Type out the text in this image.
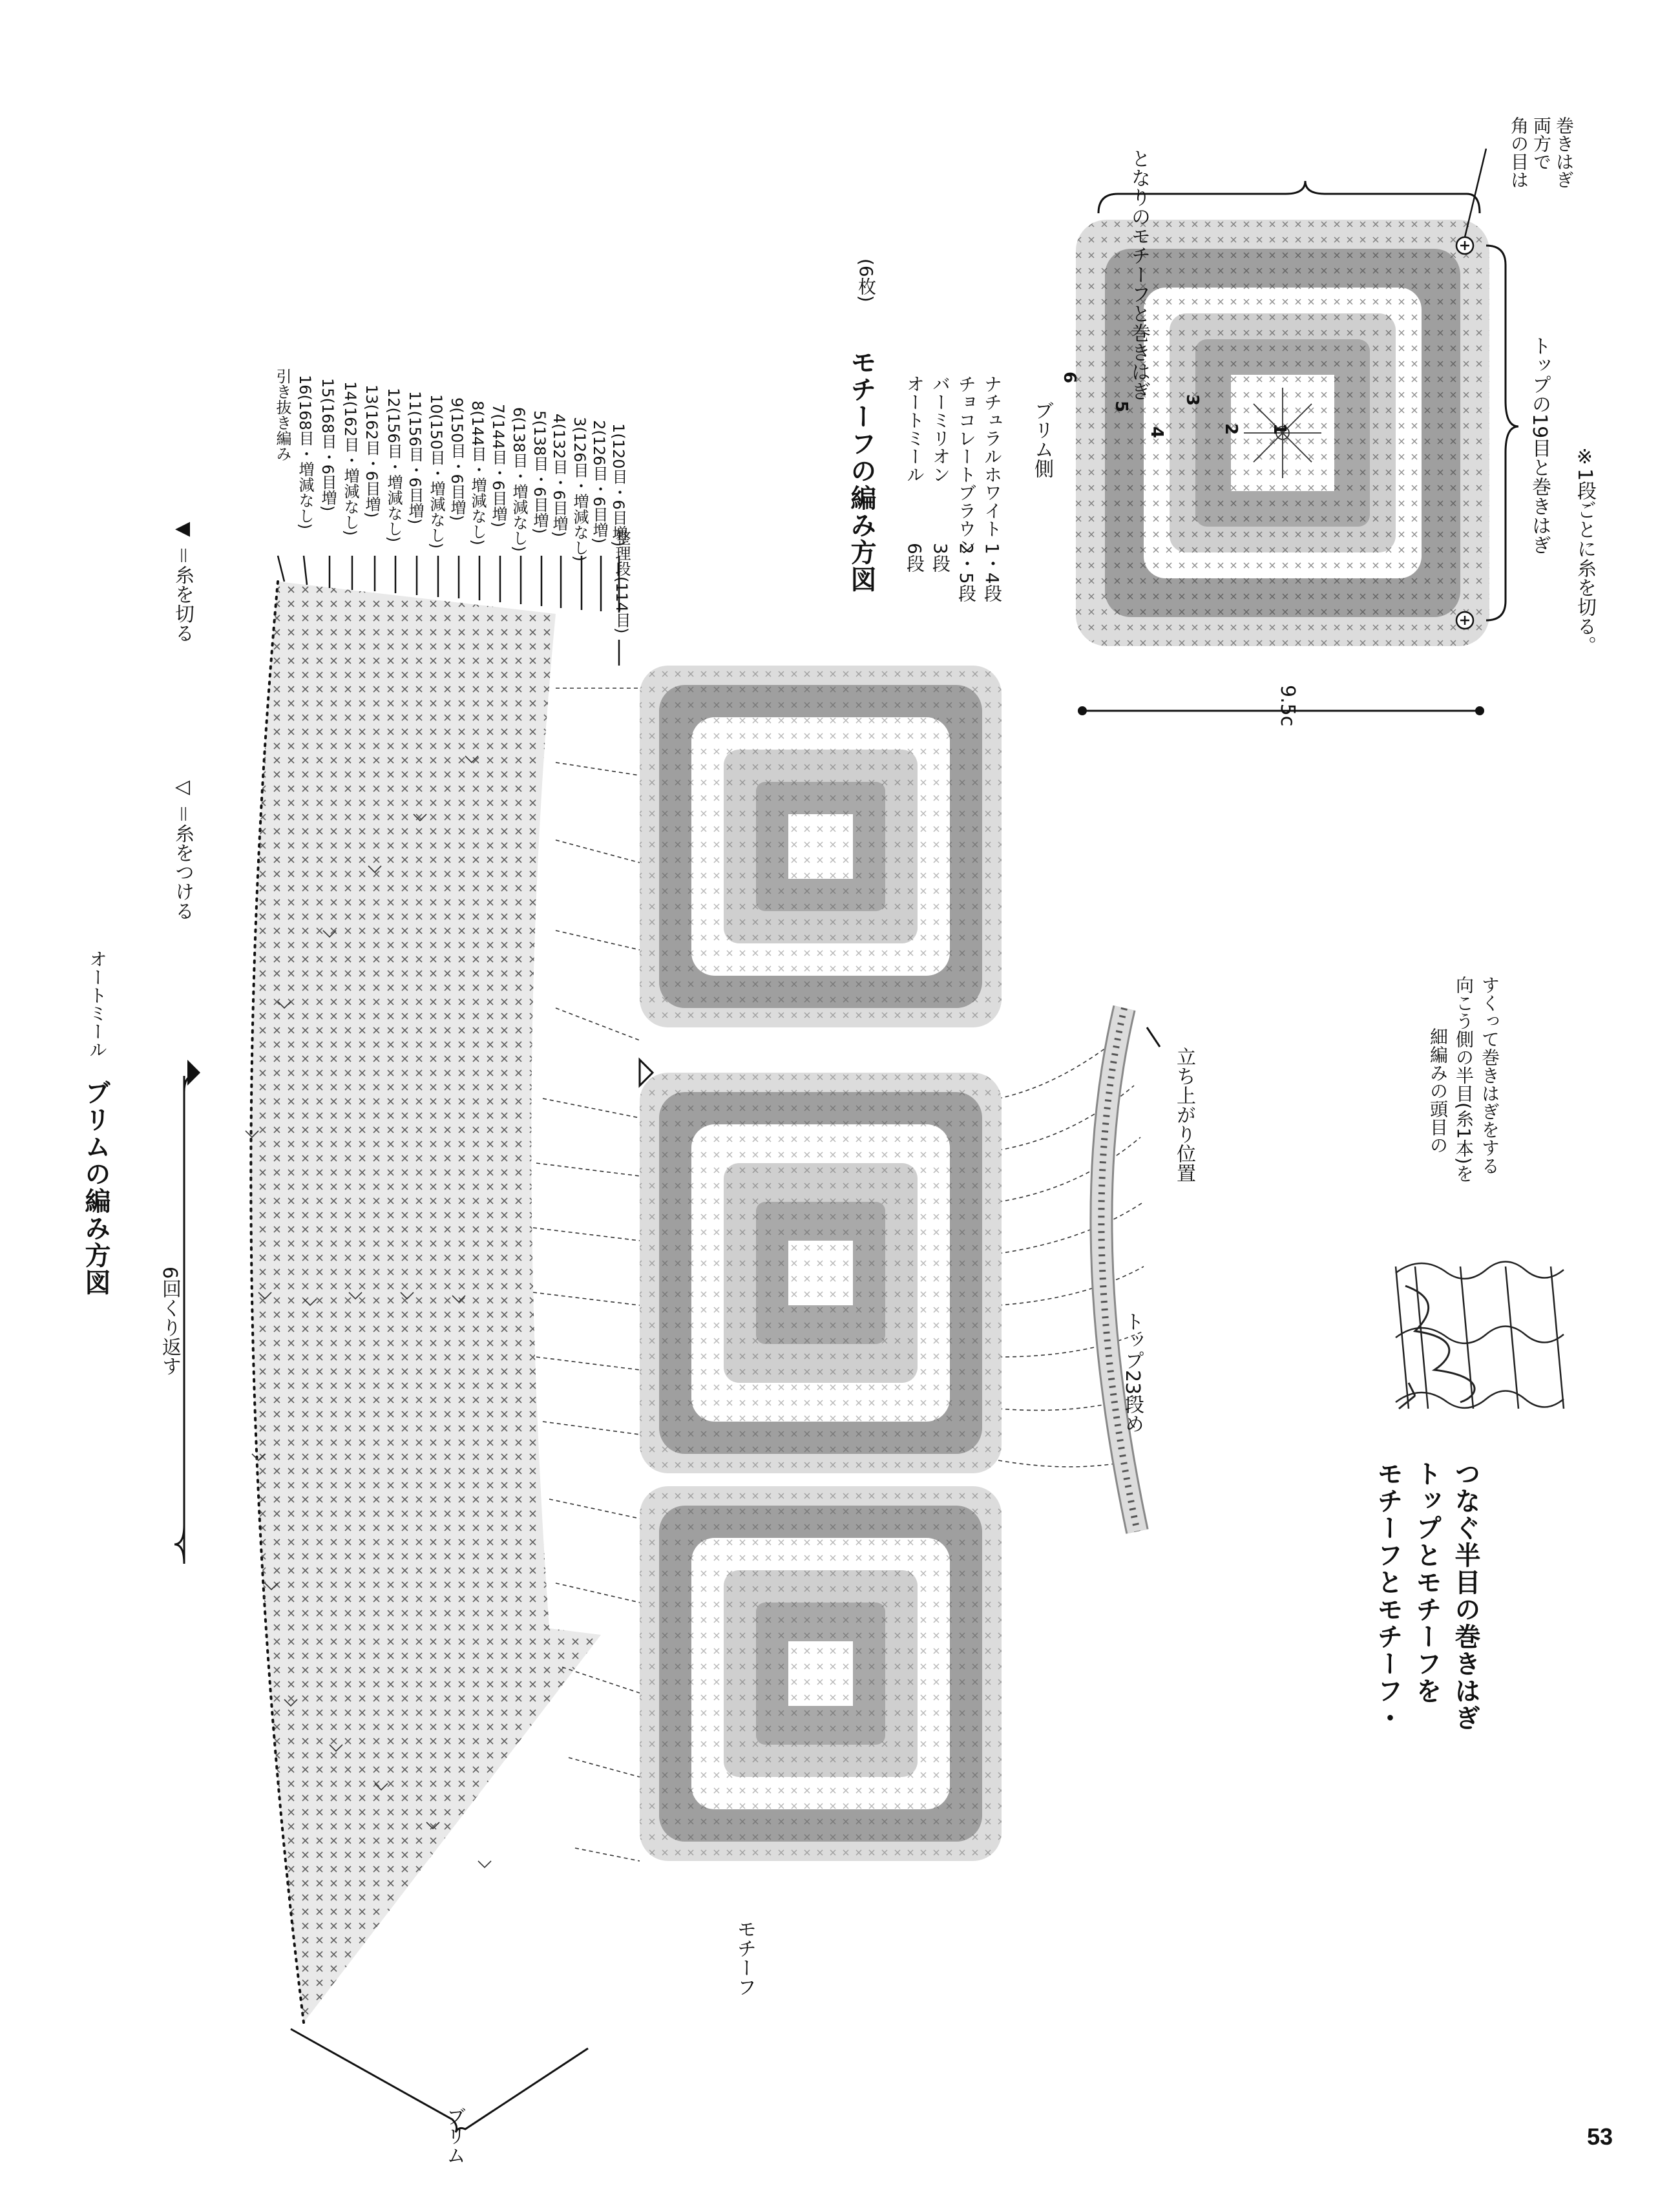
ブリムの編み方図
オートミール
6回くり返す
◁ ＝糸をつける
◀ ＝糸を切る
ブリム
モチーフ
トップ23段め
立ち上がり位置
引き抜き編み 16(168目・増減なし) 15(168目・6目増) 14(162目・増減なし) 13(162目・6目増) 12(156目・増減なし) 11(156目・6目増) 10(150目・増減なし) 9(150目・6目増) 8(144目・増減なし) 7(144目・6目増) 6(138目・増減なし) 5(138目・6目増) 4(132目・6目増) 3(126目・増減なし) 2(126目・6目増) 1(120目・6目増)
整理段(114目)	モチーフの編み方図
(6枚)
6段
オートミール
3段
バーミリオン
2・5段
チョコレートブラウン
1・4段
ナチュラルホワイト ブリム側
となりのモチーフと巻きはぎ	角の目は 両方で 巻きはぎ
トップの19目と巻きはぎ ※1段ごとに糸を切る。
9.5c
1
2
3
4
5
6
モチーフとモチーフ・ トップとモチーフを つなぐ半目の巻きはぎ
細編みの頭目の 向こう側の半目(糸1本)を すくって巻きはぎをする
53
